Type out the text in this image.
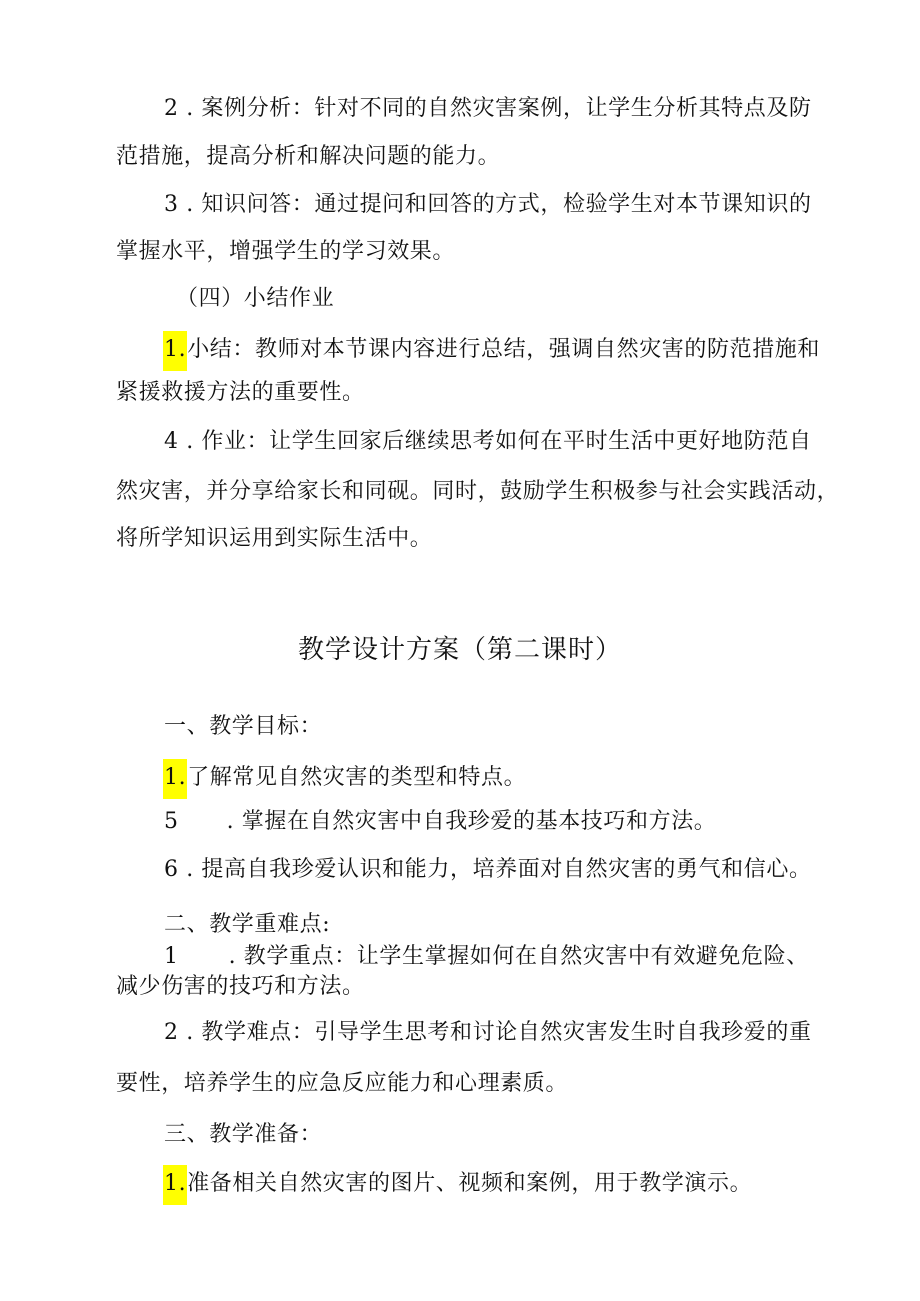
2 . 案例分析：针对不同的自然灾害案例，让学生分析其特点及防
范措施，提高分析和解决问题的能力。
3 . 知识问答：通过提问和回答的方式，检验学生对本节课知识的
掌握水平，增强学生的学习效果。
（四）小结作业
1.小结：教师对本节课内容进行总结，强调自然灾害的防范措施和
紧援救援方法的重要性。
4 . 作业：让学生回家后继续思考如何在平时生活中更好地防范自
然灾害，并分享给家长和同砚。同时，鼓励学生积极参与社会实践活动，
将所学知识运用到实际生活中。
教学设计方案（第二课时）
一、教学目标：
1.了解常见自然灾害的类型和特点。
5 . 掌握在自然灾害中自我珍爱的基本技巧和方法。
6 . 提高自我珍爱认识和能力，培养面对自然灾害的勇气和信心。
二、教学重难点:
1 . 教学重点：让学生掌握如何在自然灾害中有效避免危险、
减少伤害的技巧和方法。
2 . 教学难点：引导学生思考和讨论自然灾害发生时自我珍爱的重
要性，培养学生的应急反应能力和心理素质。
三、教学准备：
1.准备相关自然灾害的图片、视频和案例，用于教学演示。
